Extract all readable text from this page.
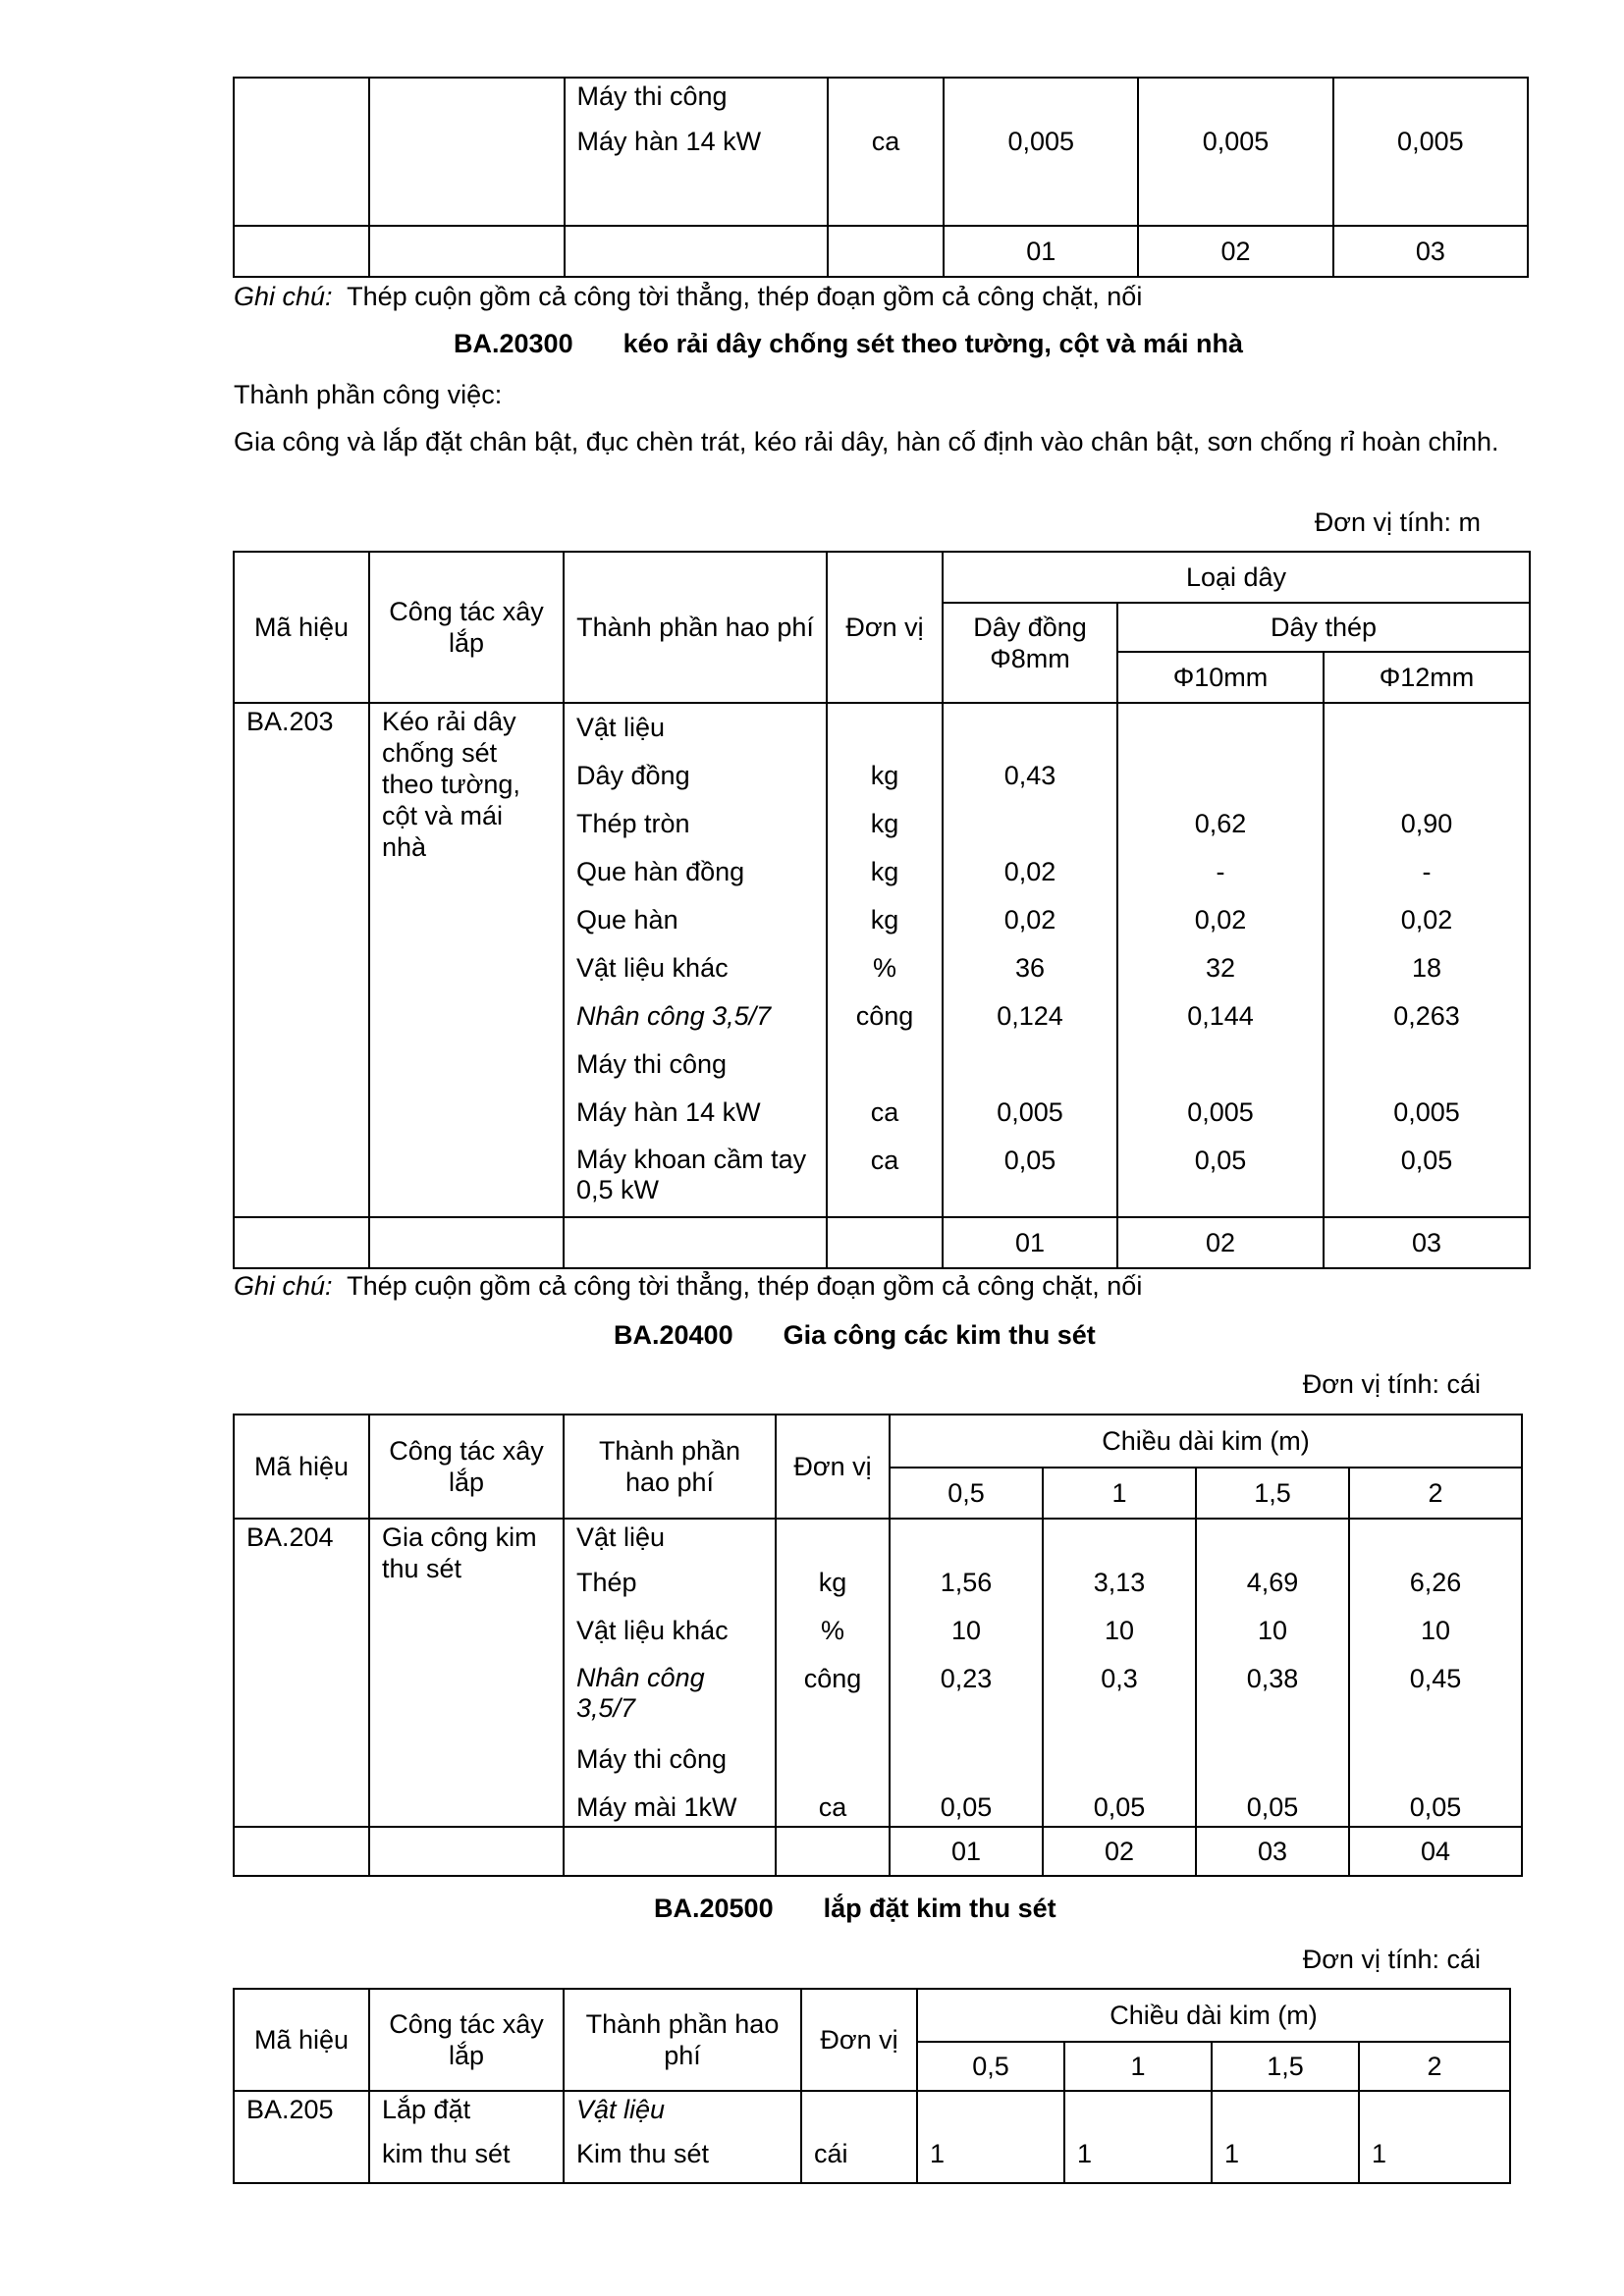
		Máy thi công				
		Máy hàn 14 kW	ca	0,005	0,005	0,005
				01	02	03
Ghi chú: Thép cuộn gồm cả công tời thẳng, thép đoạn gồm cả công chặt, nối
BA.20300 kéo rải dây chống sét theo tường, cột và mái nhà
Thành phần công việc:
Gia công và lắp đặt chân bật, đục chèn trát, kéo rải dây, hàn cố định vào chân bật, sơn chống rỉ hoàn chỉnh.
Đơn vị tính: m
Mã hiệu	Công tác xây lắp	Thành phần hao phí	Đơn vị	Loại dây		
				Dây đồng Φ8mm	Dây thép	
					Φ10mm	Φ12mm
BA.203	Kéo rải dây chống sét theo tường, cột và mái nhà					
		Vật liệu				
		Dây đồng	kg	0,43		
		Thép tròn	kg		0,62	0,90
		Que hàn đồng	kg	0,02	-	-
		Que hàn	kg	0,02	0,02	0,02
		Vật liệu khác	%	36	32	18
		Nhân công 3,5/7	công	0,124	0,144	0,263
		Máy thi công				
		Máy hàn 14 kW	ca	0,005	0,005	0,005
		Máy khoan cầm tay 0,5 kW	ca	0,05	0,05	0,05

				01	02	03
Ghi chú: Thép cuộn gồm cả công tời thẳng, thép đoạn gồm cả công chặt, nối
BA.20400 Gia công các kim thu sét
Đơn vị tính: cái
Mã hiệu	Công tác xây lắp	Thành phần hao phí	Đơn vị	Chiều dài kim (m)			
				0,5	1	1,5	2
BA.204	Gia công kim thu sét	Vật liệu					
		Thép	kg	1,56	3,13	4,69	6,26
		Vật liệu khác	%	10	10	10	10
		Nhân công 3,5/7	công	0,23	0,3	0,38	0,45
		Máy thi công					
		Máy mài 1kW	ca	0,05	0,05	0,05	0,05
				01	02	03	04
BA.20500 lắp đặt kim thu sét
Đơn vị tính: cái
Mã hiệu	Công tác xây lắp	Thành phần hao phí	Đơn vị	Chiều dài kim (m)			
				0,5	1	1,5	2
BA.205	Lắp đặt	Vật liệu					
	kim thu sét	Kim thu sét	cái	1	1	1	1
